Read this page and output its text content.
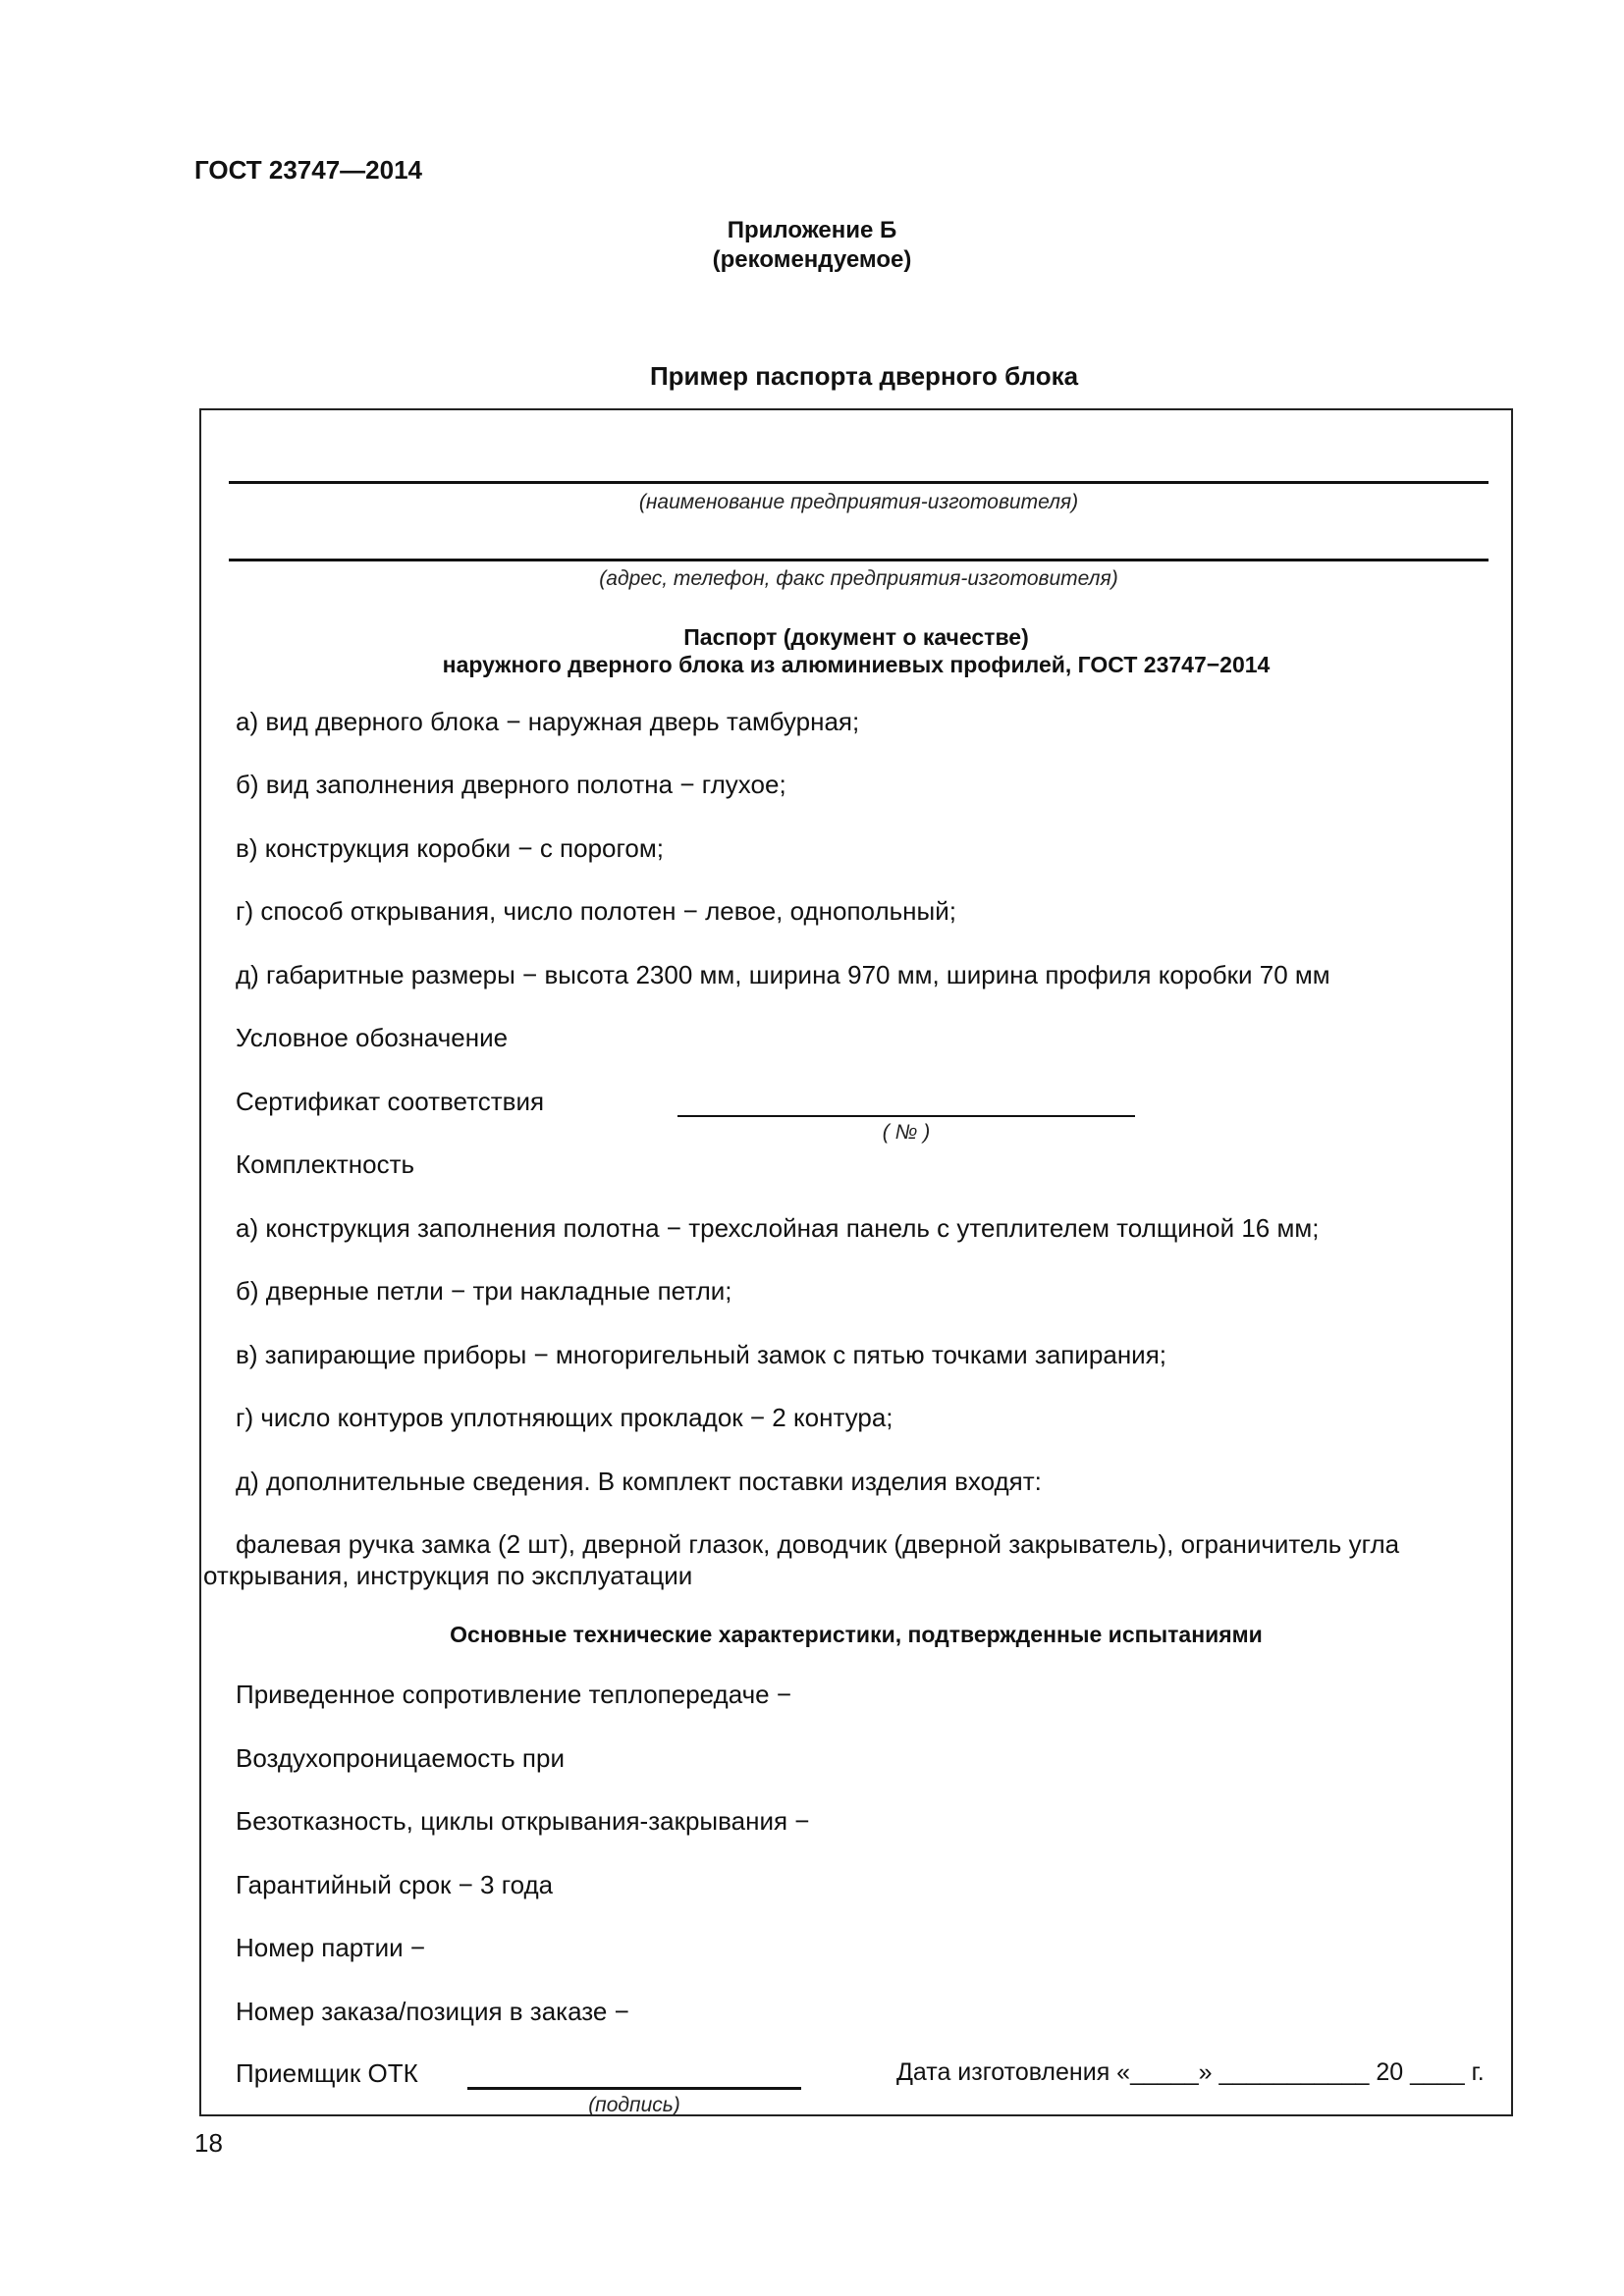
ГОСТ 23747—2014
Приложение Б
(рекомендуемое)
Пример паспорта дверного блока
(наименование предприятия-изготовителя)
(адрес, телефон, факс предприятия-изготовителя)
Паспорт (документ о качестве)
наружного дверного блока из алюминиевых профилей, ГОСТ 23747−2014
а) вид дверного блока − наружная дверь тамбурная;
б) вид заполнения дверного полотна − глухое;
в) конструкция коробки − с порогом;
г) способ открывания, число полотен − левое, однопольный;
д) габаритные размеры − высота 2300 мм, ширина 970 мм, ширина профиля коробки 70 мм
Условное обозначение
Сертификат соответствия
( № )
Комплектность
а) конструкция заполнения полотна − трехслойная панель с утеплителем толщиной 16 мм;
б) дверные петли − три накладные петли;
в) запирающие приборы − многоригельный замок с пятью точками запирания;
г) число контуров уплотняющих прокладок − 2 контура;
д) дополнительные сведения. В комплект поставки изделия входят:
фалевая ручка замка (2 шт), дверной глазок, доводчик (дверной закрыватель), ограничитель угла
открывания, инструкция по эксплуатации
Основные технические характеристики, подтвержденные испытаниями
Приведенное сопротивление теплопередаче −
Воздухопроницаемость при
Безотказность, циклы открывания-закрывания −
Гарантийный срок − 3 года
Номер партии −
Номер заказа/позиция в заказе −
Приемщик ОТК
(подпись)
Дата изготовления «_____» ___________ 20 ____ г.
18
